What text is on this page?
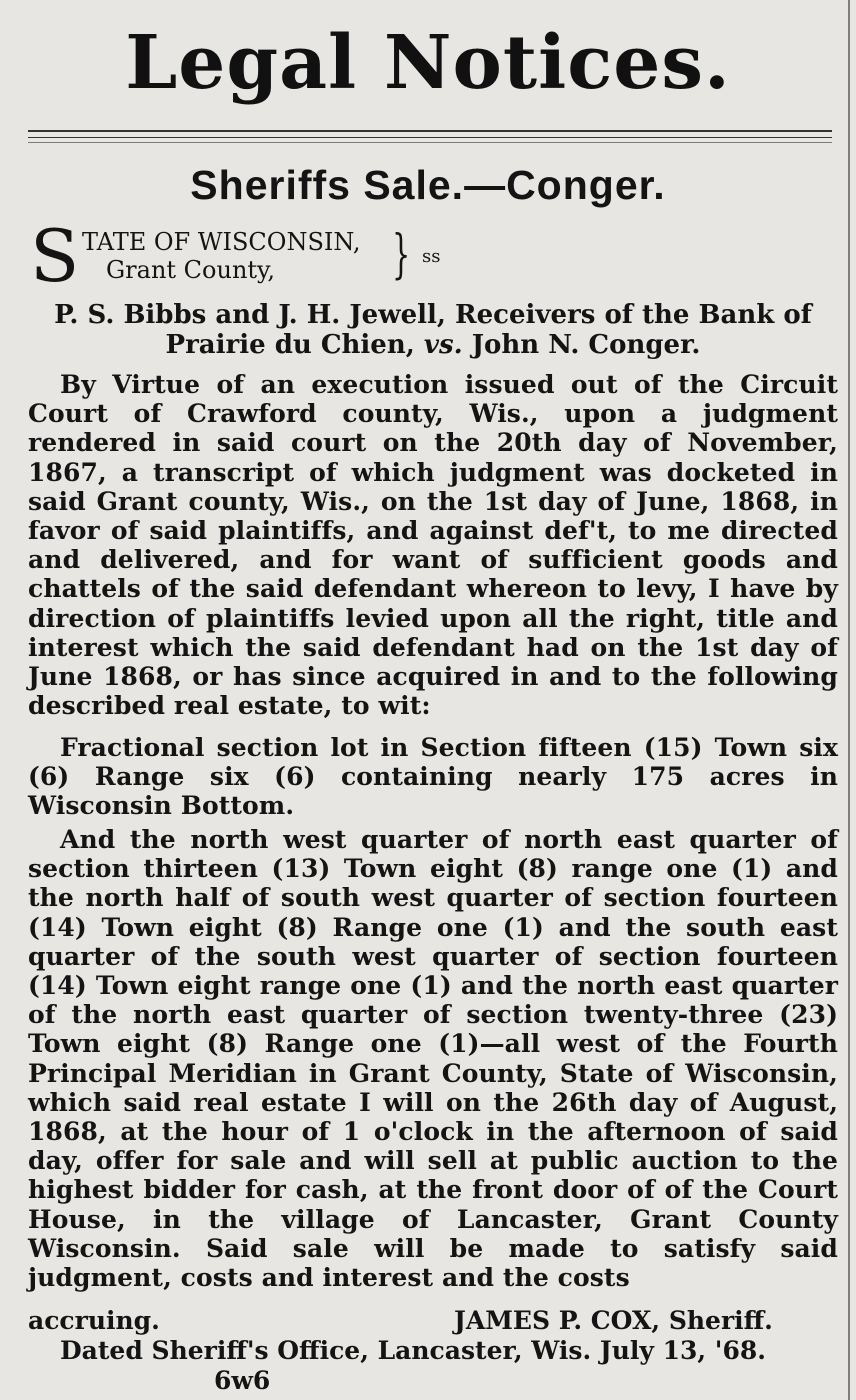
Legal Notices.
Sheriffs Sale.—Conger.
S TATE OF WISCONSIN,
Grant County, } ss
P. S. Bibbs and J. H. Jewell, Receivers of the Bank of
Prairie du Chien, vs. John N. Conger.
By Virtue of an execution issued out of the Circuit Court of Crawford county, Wis., upon a judgment rendered in said court on the 20th day of November, 1867, a transcript of which judgment was docketed in said Grant county, Wis., on the 1st day of June, 1868, in favor of said plaintiffs, and against def't, to me directed and delivered, and for want of sufficient goods and chattels of the said defendant whereon to levy, I have by direction of plaintiffs levied upon all the right, title and interest which the said defendant had on the 1st day of June 1868, or has since acquired in and to the following described real estate, to wit:
Fractional section lot in Section fifteen (15) Town six (6) Range six (6) containing nearly 175 acres in Wisconsin Bottom.
And the north west quarter of north east quarter of section thirteen (13) Town eight (8) range one (1) and the north half of south west quarter of section fourteen (14) Town eight (8) Range one (1) and the south east quarter of the south west quarter of section fourteen (14) Town eight range one (1) and the north east quarter of the north east quarter of section twenty-three (23) Town eight (8) Range one (1)—all west of the Fourth Principal Meridian in Grant County, State of Wisconsin, which said real estate I will on the 26th day of August, 1868, at the hour of 1 o'clock in the afternoon of said day, offer for sale and will sell at public auction to the highest bidder for cash, at the front door of of the Court House, in the village of Lancaster, Grant County Wisconsin. Said sale will be made to satisfy said judgment, costs and interest and the costs
accruing.	JAMES P. COX, Sheriff.
Dated Sheriff's Office, Lancaster, Wis. July 13, '68.
6w6
